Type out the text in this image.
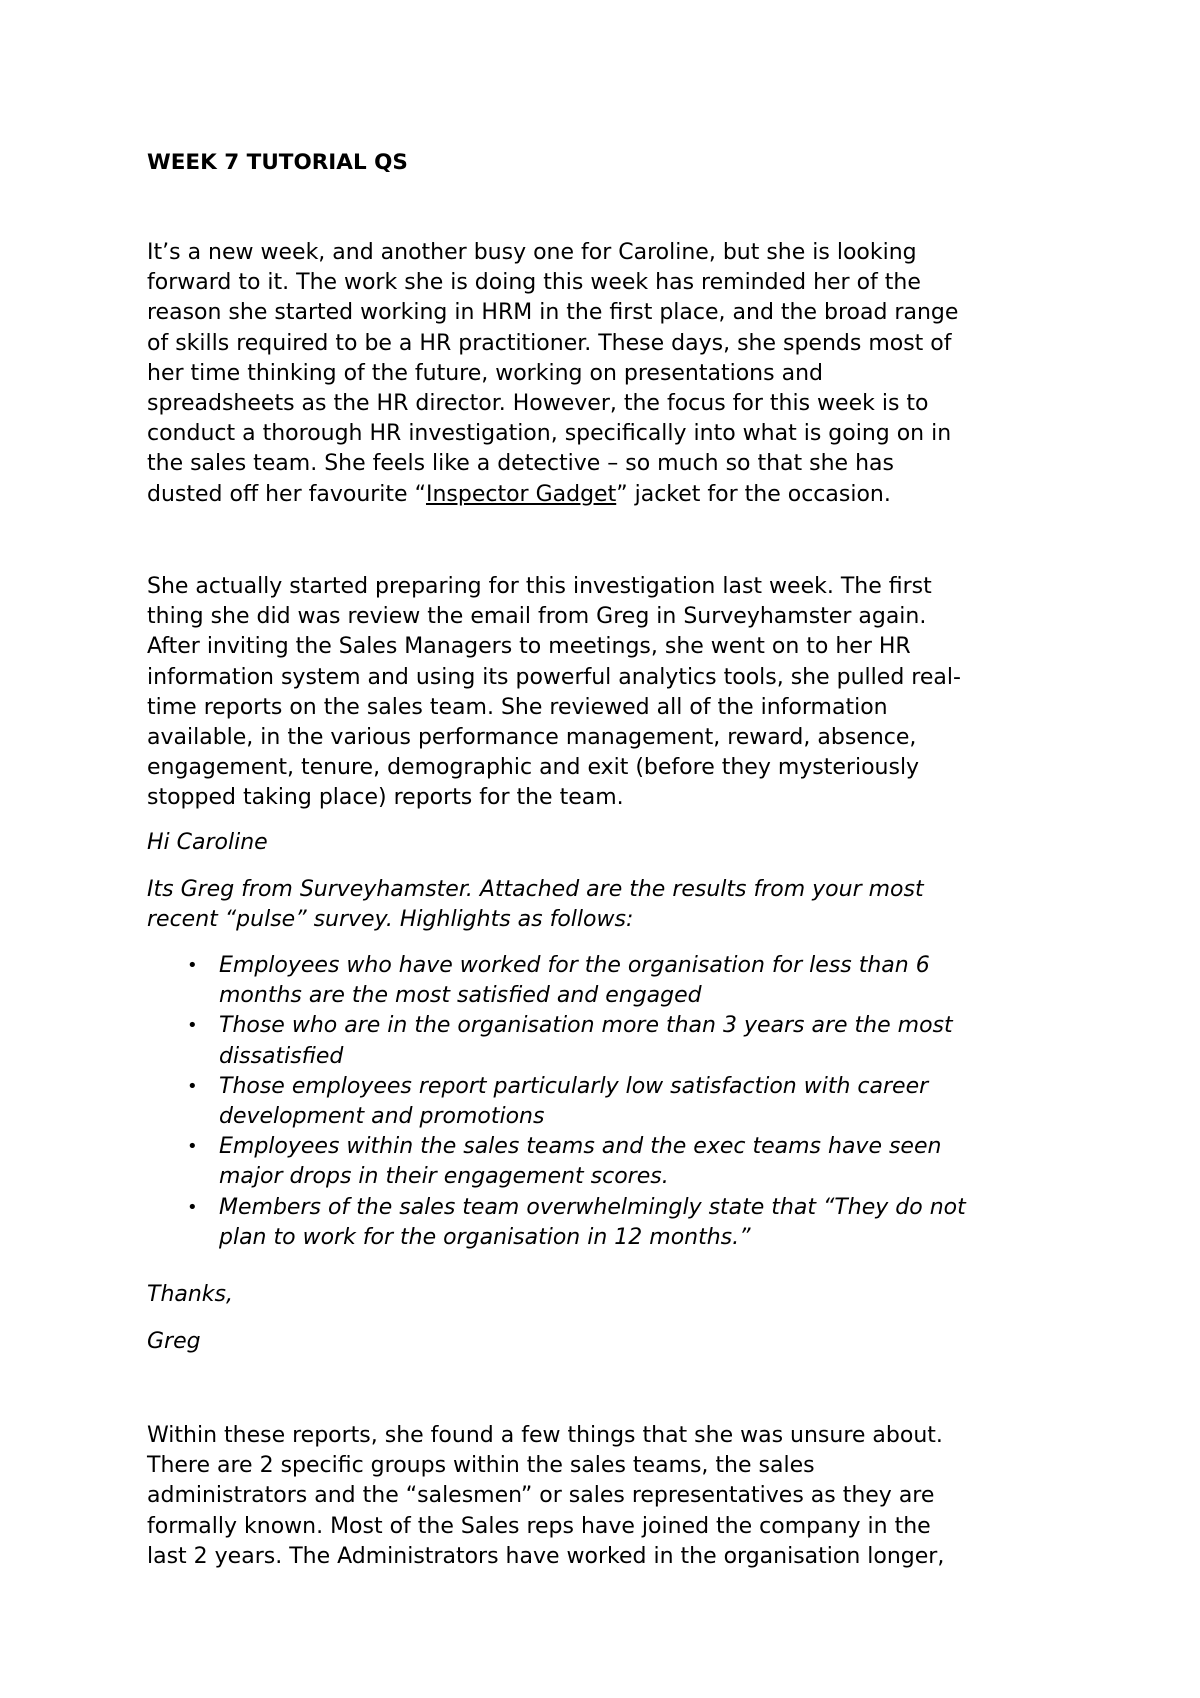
WEEK 7 TUTORIAL QS

It’s a new week, and another busy one for Caroline, but she is looking
forward to it. The work she is doing this week has reminded her of the
reason she started working in HRM in the first place, and the broad range
of skills required to be a HR practitioner. These days, she spends most of
her time thinking of the future, working on presentations and
spreadsheets as the HR director. However, the focus for this week is to
conduct a thorough HR investigation, specifically into what is going on in
the sales team. She feels like a detective – so much so that she has
dusted off her favourite “Inspector Gadget” jacket for the occasion.

She actually started preparing for this investigation last week. The first
thing she did was review the email from Greg in Surveyhamster again.
After inviting the Sales Managers to meetings, she went on to her HR
information system and using its powerful analytics tools, she pulled real-
time reports on the sales team. She reviewed all of the information
available, in the various performance management, reward, absence,
engagement, tenure, demographic and exit (before they mysteriously
stopped taking place) reports for the team.

Hi Caroline

Its Greg from Surveyhamster. Attached are the results from your most
recent “pulse” survey. Highlights as follows:

• Employees who have worked for the organisation for less than 6
months are the most satisfied and engaged
• Those who are in the organisation more than 3 years are the most
dissatisfied
• Those employees report particularly low satisfaction with career
development and promotions
• Employees within the sales teams and the exec teams have seen
major drops in their engagement scores.
• Members of the sales team overwhelmingly state that “They do not
plan to work for the organisation in 12 months.”

Thanks,

Greg

Within these reports, she found a few things that she was unsure about.
There are 2 specific groups within the sales teams, the sales
administrators and the “salesmen” or sales representatives as they are
formally known. Most of the Sales reps have joined the company in the
last 2 years. The Administrators have worked in the organisation longer,
